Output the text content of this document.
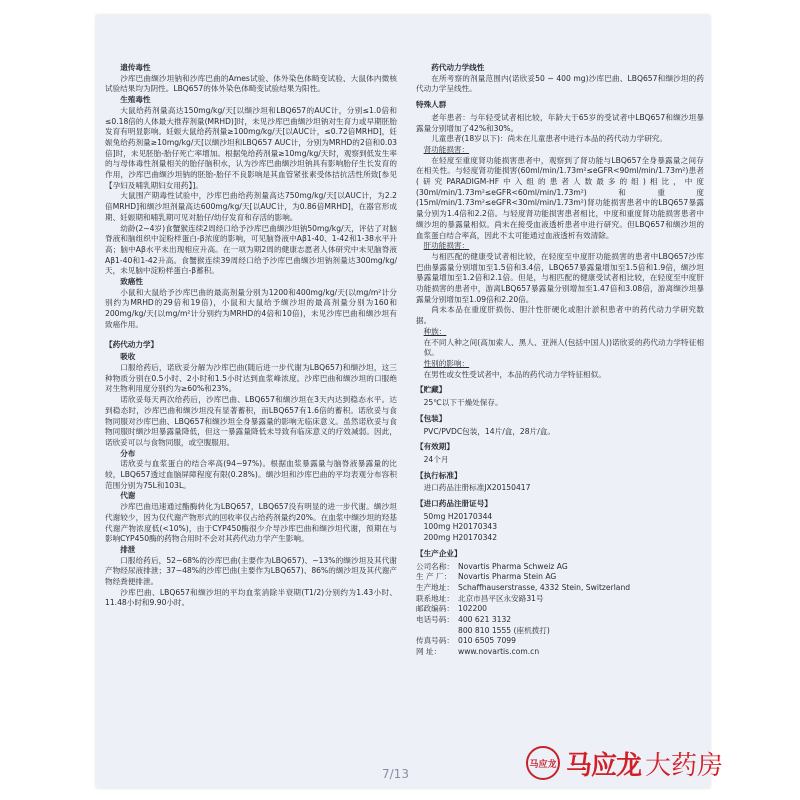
遗传毒性

沙库巴曲缬沙坦钠和沙库巴曲的Ames试验、体外染色体畸变试验、大鼠体内微核试验结果均为阴性。LBQ657的体外染色体畸变试验结果为阳性。

生殖毒性

大鼠给药剂量高达150mg/kg/天[以缬沙坦和LBQ657的AUC计，分别≤1.0倍和≤0.18倍的人体最大推荐剂量(MRHD)]时，未见沙库巴曲缬沙坦钠对生育力或早期胚胎发育有明显影响。妊娠大鼠给药剂量≥100mg/kg/天[以AUC计，≤0.72倍MRHD]，妊娠兔给药剂量≥10mg/kg/天[以缬沙坦和LBQ657 AUC计，分别为MRHD的2倍和0.03倍]时，未见胚胎-胎仔死亡率增加。根据兔给药剂量≥10mg/kg/天时，观察到低发生率的与母体毒性剂量相关的胎仔脑积水，认为沙库巴曲缬沙坦钠具有影响胎仔生长发育的作用，沙库巴曲缬沙坦钠的胚胎-胎仔不良影响是其血管紧张素受体拮抗活性所致[参见【孕妇及哺乳期妇女用药】]。

大鼠围产期毒性试验中，沙库巴曲给药剂量高达750mg/kg/天[以AUC计，为2.2倍MRHD]和缬沙坦剂量高达600mg/kg/天[以AUC计，为0.86倍MRHD]，在器官形成期、妊娠期和哺乳期可见对胎仔/幼仔发育和存活的影响。

幼龄(2~4岁)食蟹猴连续2周经口给予沙库巴曲缬沙坦钠50mg/kg/天，评估了对脑脊液和脑组织中淀粉样蛋白-β浓度的影响，可见脑脊液中Aβ1-40、1-42和1-38水平升高；脑中Aβ水平未出现相应升高。在一项为期2周的健康志愿者人体研究中未见脑脊液Aβ1-40和1-42升高。食蟹猴连续39周经口给予沙库巴曲缬沙坦钠剂量达300mg/kg/天，未见脑中淀粉样蛋白-β蓄积。

致癌性

小鼠和大鼠给予沙库巴曲的最高剂量分别为1200和400mg/kg/天(以mg/m²计分别约为MRHD的29倍和19倍)，小鼠和大鼠给予缬沙坦的最高剂量分别为160和200mg/kg/天(以mg/m²计分别约为MRHD的4倍和10倍)，未见沙库巴曲和缬沙坦有致癌作用。

【药代动力学】

吸收

口服给药后，诺欣妥分解为沙库巴曲(随后进一步代谢为LBQ657)和缬沙坦，这三种物质分别在0.5小时、2小时和1.5小时达到血浆峰浓度。沙库巴曲和缬沙坦的口服绝对生物利用度分别约为≥60%和23%。

诺欣妥每天两次给药后，沙库巴曲、LBQ657和缬沙坦在3天内达到稳态水平。达到稳态时，沙库巴曲和缬沙坦没有显著蓄积，而LBQ657有1.6倍的蓄积。诺欣妥与食物同服对沙库巴曲、LBQ657和缬沙坦全身暴露量的影响无临床意义。虽然诺欣妥与食物同服时缬沙坦暴露量降低，但这一暴露量降低未导致有临床意义的疗效减弱。因此，诺欣妥可以与食物同服，或空腹服用。

分布

诺欣妥与血浆蛋白的结合率高(94~97%)。根据血浆暴露量与脑脊液暴露量的比较，LBQ657透过血脑屏障程度有限(0.28%)。缬沙坦和沙库巴曲的平均表观分布容积范围分别为75L和103L。

代谢

沙库巴曲迅速通过酯酶转化为LBQ657，LBQ657没有明显的进一步代谢。缬沙坦代谢较少，因为仅代谢产物形式的回收率仅占给药剂量约20%。在血浆中缬沙坦的羟基代谢产物浓度低(<10%)，由于CYP450酶很少介导沙库巴曲和缬沙坦代谢，预期在与影响CYP450酶的药物合用时不会对其药代动力学产生影响。

排泄

口服给药后，52~68%的沙库巴曲(主要作为LBQ657)、~13%的缬沙坦及其代谢产物经尿液排泄；37~48%的沙库巴曲(主要作为LBQ657)、86%的缬沙坦及其代谢产物经粪便排泄。

沙库巴曲、LBQ657和缬沙坦的平均血浆消除半衰期(T1/2)分别约为1.43小时、11.48小时和9.90小时。

药代动力学线性

在所考察的剂量范围内(诺欣妥50 ~ 400 mg)沙库巴曲、LBQ657和缬沙坦的药代动力学呈线性。

特殊人群

老年患者：与年轻受试者相比较，年龄大于65岁的受试者中LBQ657和缬沙坦暴露量分别增加了42%和30%。

儿童患者(18岁以下)：尚未在儿童患者中进行本品的药代动力学研究。

肾功能损害：

在轻度至重度肾功能损害患者中，观察到了肾功能与LBQ657全身暴露量之间存在相关性。与轻度肾功能损害(60ml/min/1.73m²≤eGFR<90ml/min/1.73m²)患者(研究PARADIGM-HF中入组的患者人数最多的组)相比，中度(30ml/min/1.73m²≤eGFR<60ml/min/1.73m²)和重度(15ml/min/1.73m²≤eGFR<30ml/min/1.73m²)肾功能损害患者中的LBQ657暴露量分别为1.4倍和2.2倍。与轻度肾功能损害患者相比，中度和重度肾功能损害患者中缬沙坦的暴露量相似。尚未在接受血液透析患者中进行研究。但LBQ657和缬沙坦的血浆蛋白结合率高，因此不太可能通过血液透析有效清除。

肝功能损害：

与相匹配的健康受试者相比较，在轻度至中度肝功能损害的患者中LBQ657沙库巴曲暴露量分别增加至1.5倍和3.4倍，LBQ657暴露量增加至1.5倍和1.9倍，缬沙坦暴露量增加至1.2倍和2.1倍。但是，与相匹配的健康受试者相比较，在轻度至中度肝功能损害的患者中，游离LBQ657暴露量分别增加至1.47倍和3.08倍，游离缬沙坦暴露量分别增加至1.09倍和2.20倍。

尚未本品在重度肝损伤、胆汁性肝硬化或胆汁淤积患者中的药代动力学研究数据。

种族：

在不同人种之间(高加索人、黑人、亚洲人(包括中国人))诺欣妥的药代动力学特征相似。

性别的影响：

在男性或女性受试者中，本品的药代动力学特征相似。

【贮藏】

25℃以下干燥处保存。

【包装】

PVC/PVDC包装，14片/盒，28片/盒。

【有效期】

24个月

【执行标准】

进口药品注册标准JX20150417

【进口药品注册证号】

50mg H20170344

100mg H20170343

200mg H20170342

【生产企业】

公司名称： Novartis Pharma Schweiz AG
生 产 厂： Novartis Pharma Stein AG
生产地址： Schaffhauserstrasse, 4332 Stein, Switzerland
联系地址： 北京市昌平区永安路31号
邮政编码： 102200
电话号码： 400 621 3132
800 810 1555 (座机拨打)
传真号码： 010 6505 7099
网 址：	www.novartis.com.cn
7/13
马应龙 马应龙 大药房
